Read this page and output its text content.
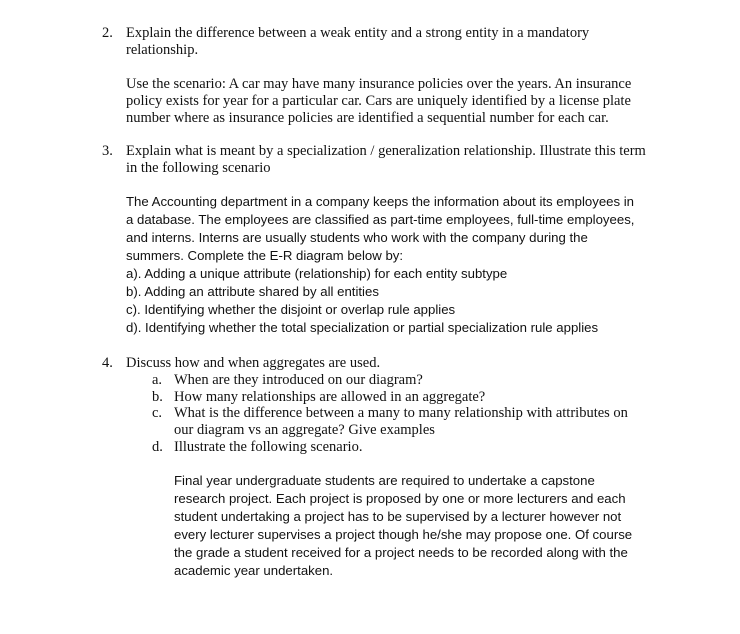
2. Explain the difference between a weak entity and a strong entity in a mandatory
relationship.
Use the scenario: A car may have many insurance policies over the years. An insurance
policy exists for year for a particular car. Cars are uniquely identified by a license plate
number where as insurance policies are identified a sequential number for each car.
3. Explain what is meant by a specialization / generalization relationship. Illustrate this term
in the following scenario
The Accounting department in a company keeps the information about its employees in
a database. The employees are classified as part-time employees, full-time employees,
and interns. Interns are usually students who work with the company during the
summers. Complete the E-R diagram below by:
a). Adding a unique attribute (relationship) for each entity subtype
b). Adding an attribute shared by all entities
c). Identifying whether the disjoint or overlap rule applies
d). Identifying whether the total specialization or partial specialization rule applies
4. Discuss how and when aggregates are used.
a. When are they introduced on our diagram?
b. How many relationships are allowed in an aggregate?
c. What is the difference between a many to many relationship with attributes on
our diagram vs an aggregate? Give examples
d. Illustrate the following scenario.
Final year undergraduate students are required to undertake a capstone
research project. Each project is proposed by one or more lecturers and each
student undertaking a project has to be supervised by a lecturer however not
every lecturer supervises a project though he/she may propose one. Of course
the grade a student received for a project needs to be recorded along with the
academic year undertaken.
